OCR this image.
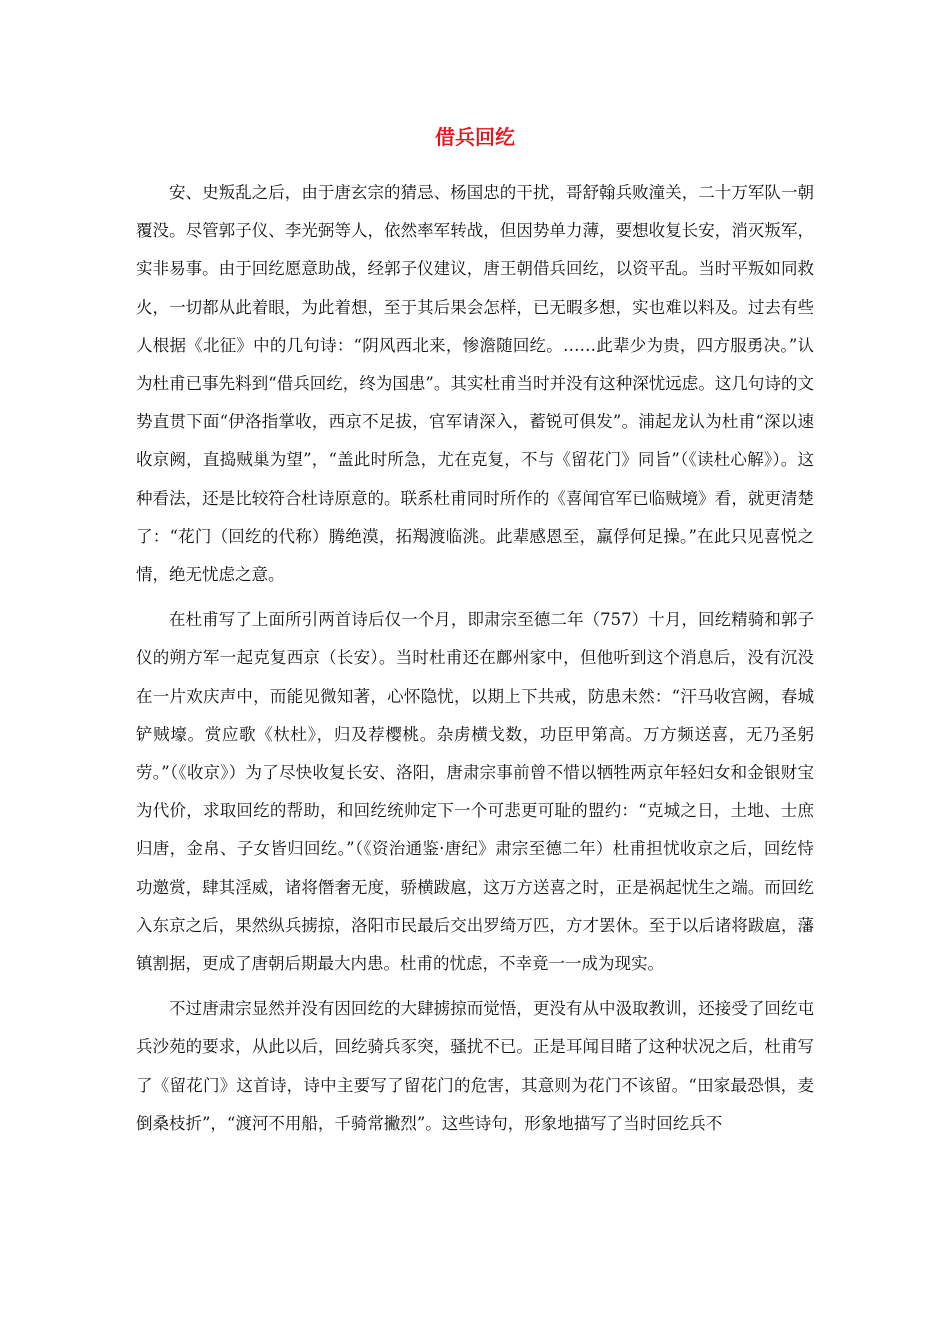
借兵回纥

安、史叛乱之后，由于唐玄宗的猜忌、杨国忠的干扰，哥舒翰兵败潼关，二十万军队一朝覆没。尽管郭子仪、李光弼等人，依然率军转战，但因势单力薄，要想收复长安，消灭叛军，实非易事。由于回纥愿意助战，经郭子仪建议，唐王朝借兵回纥，以资平乱。当时平叛如同救火，一切都从此着眼，为此着想，至于其后果会怎样，已无暇多想，实也难以料及。过去有些人根据《北征》中的几句诗：“阴风西北来，惨澹随回纥。……此辈少为贵，四方服勇决。”认为杜甫已事先料到“借兵回纥，终为国患”。其实杜甫当时并没有这种深忧远虑。这几句诗的文势直贯下面“伊洛指掌收，西京不足拔，官军请深入，蓄锐可俱发”。浦起龙认为杜甫“深以速收京阙，直捣贼巢为望”，“盖此时所急，尤在克复，不与《留花门》同旨”（《读杜心解》）。这种看法，还是比较符合杜诗原意的。联系杜甫同时所作的《喜闻官军已临贼境》看，就更清楚了：“花门（回纥的代称）腾绝漠，拓羯渡临洮。此辈感恩至，羸俘何足操。”在此只见喜悦之情，绝无忧虑之意。

在杜甫写了上面所引两首诗后仅一个月，即肃宗至德二年（757）十月，回纥精骑和郭子仪的朔方军一起克复西京（长安）。当时杜甫还在鄜州家中，但他听到这个消息后，没有沉没在一片欢庆声中，而能见微知著，心怀隐忧，以期上下共戒，防患未然：“汗马收宫阙，春城铲贼壕。赏应歌《杕杜》，归及荐樱桃。杂虏横戈数，功臣甲第高。万方频送喜，无乃圣躬劳。”（《收京》）为了尽快收复长安、洛阳，唐肃宗事前曾不惜以牺牲两京年轻妇女和金银财宝为代价，求取回纥的帮助，和回纥统帅定下一个可悲更可耻的盟约：“克城之日，土地、士庶归唐，金帛、子女皆归回纥。”（《资治通鉴·唐纪》肃宗至德二年）杜甫担忧收京之后，回纥恃功邀赏，肆其淫威，诸将僭奢无度，骄横跋扈，这万方送喜之时，正是祸起忧生之端。而回纥入东京之后，果然纵兵掳掠，洛阳市民最后交出罗绮万匹，方才罢休。至于以后诸将跋扈，藩镇割据，更成了唐朝后期最大内患。杜甫的忧虑，不幸竟一一成为现实。

不过唐肃宗显然并没有因回纥的大肆掳掠而觉悟，更没有从中汲取教训，还接受了回纥屯兵沙苑的要求，从此以后，回纥骑兵豕突，骚扰不已。正是耳闻目睹了这种状况之后，杜甫写了《留花门》这首诗，诗中主要写了留花门的危害，其意则为花门不该留。“田家最恐惧，麦倒桑枝折”，“渡河不用船，千骑常撇烈”。这些诗句，形象地描写了当时回纥兵不
